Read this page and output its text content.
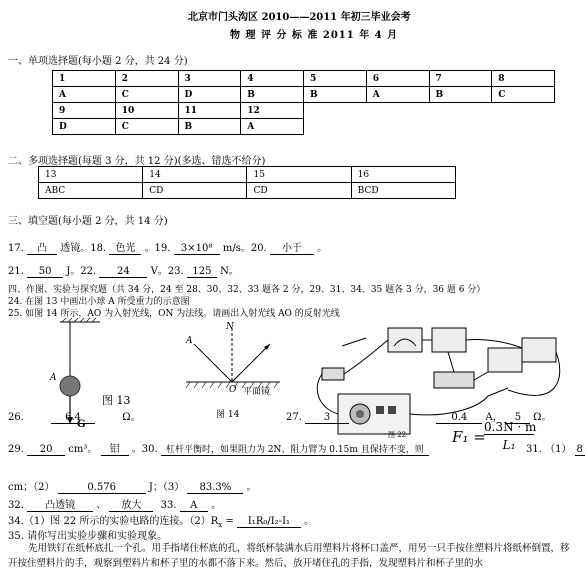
北京市门头沟区 2010——2011 年初三毕业会考
物 理 评 分 标 准 2011 年 4 月
一、单项选择题(每小题 2 分，共 24 分)
1	2	3	4	5	6	7	8
A	C	D	B	B	A	B	C
9	10	11	12				
D	C	B	A				
二、多项选择题(每题 3 分，共 12 分)(多选、错选不给分)
13	14	15	16
ABC	CD	CD	BCD
三、填空题(每小题 2 分，共 14 分)
17. 凸 透镜。18. 色光 。19. 3×10⁸ m/s。20. 小于 。
21. 50 J。22. 24 V。23. 125 N。
四、作图、实验与探究题（共 34 分，24 至 28、30、32、33 题各 2 分，29、31、34、35 题各 3 分，36 题 6 分）
24. 在图 13 中画出小球 A 所受重力的示意图
25. 如图 14 所示，AO 为入射光线，ON 为法线。请画出入射光线 AO 的反射光线
A
G
图 13
N
A
O 平面镜
图 14
图 22
26.	6.4	Ω。	27. 3	0.4 A， 5 Ω。
29. 20 cm³。 铝 。30. 杠杆平衡时，如果阻力为 2N、阻力臂为 0.15m 且保持不变，则
F₁ =
0.3N · m
L₁	31. （1） 8
cm；（2）	0.576	J；（3） 83.3% 。
32. 凸透镜 、 放大 33. A 。
34.（1）图 22 所示的实验电路的连接。$(2)R_x = I_1R_0/I_2-I_1$ 。
35. 请你写出实验步骤和实验现象。
先用铁钉在纸杯底扎一个孔。用手指堵住杯底的孔，将纸杯装满水后用塑料片将杯口盖严，用另一只手按住塑料片将纸杯倒置，移开按住塑料片的手，观察到塑料片和杯子里的水都不落下来。然后，放开堵住孔的手指，发现塑料片和杯子里的水
